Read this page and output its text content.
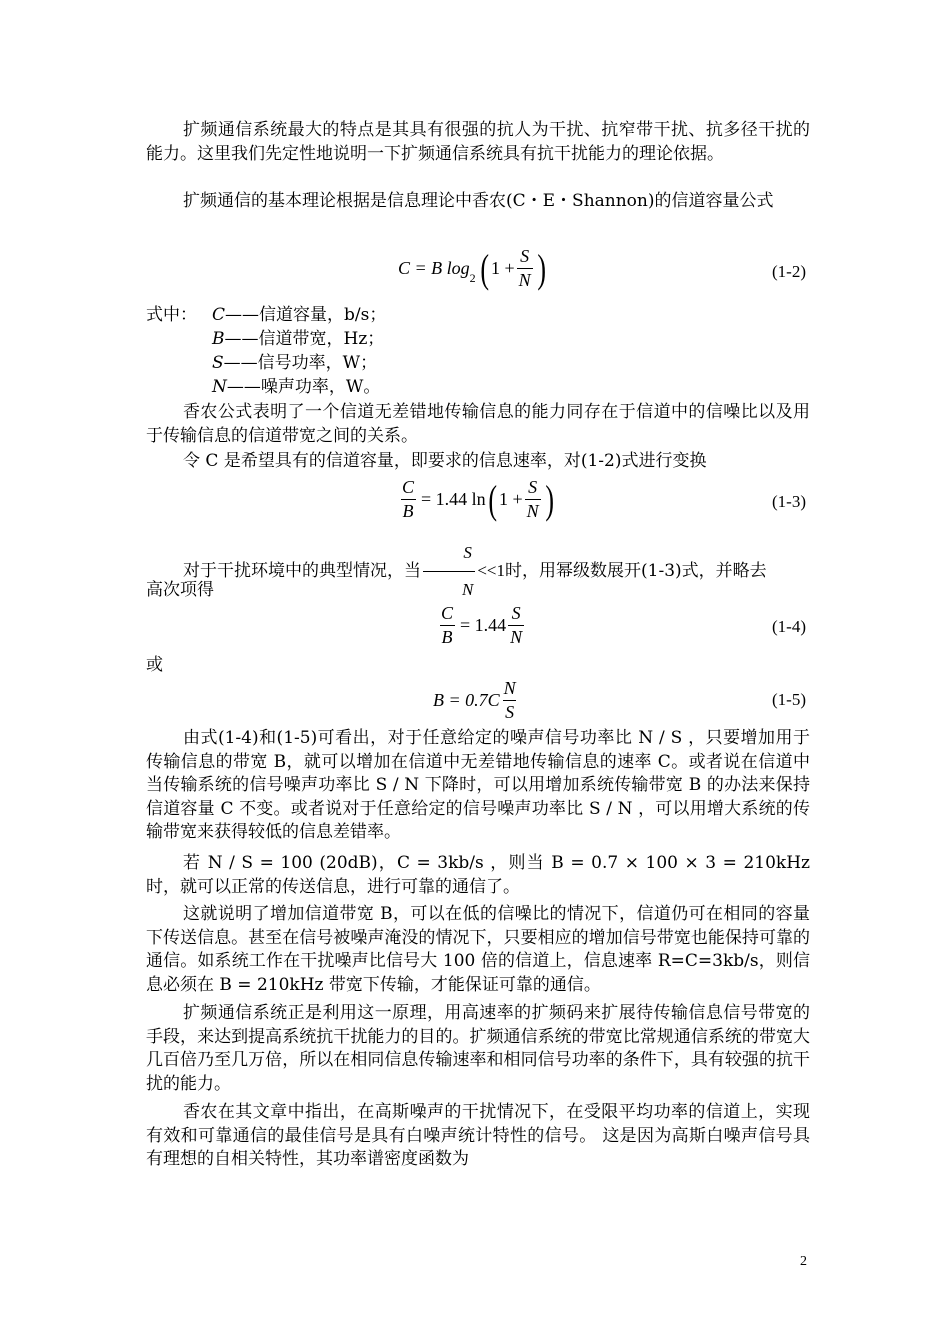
扩频通信系统最大的特点是其具有很强的抗人为干扰、抗窄带干扰、抗多径干扰的能力。这里我们先定性地说明一下扩频通信系统具有抗干扰能力的理论依据。

扩频通信的基本理论根据是信息理论中香农(C・E・Shannon)的信道容量公式

C = B log 2 ( $1 + \frac{S}{N}$ )	(1-2)
式中： C——信道容量，b/s；
B——信道带宽，Hz；
S——信号功率，W；
N——噪声功率，W。

香农公式表明了一个信道无差错地传输信息的能力同存在于信道中的信噪比以及用于传输信息的信道带宽之间的关系。

令 C 是希望具有的信道容量，即要求的信息速率，对(1-2)式进行变换

$\frac{C}{B} = 1.44$ ln ( $1 + \frac{S}{N}$ )	(1-3)
对于干扰环境中的典型情况，当 $\frac{S}{N} <<1$时，用幂级数展开(1-3)式，并略去
高次项得
$\frac{C}{B} = 1.44 \frac{S}{N}$	(1-4)
或
$B = 0.7C \frac{N}{S}$	(1-5)

由式(1-4)和(1-5)可看出，对于任意给定的噪声信号功率比 N / S ，只要增加用于传输信息的带宽 B，就可以增加在信道中无差错地传输信息的速率 C。或者说在信道中当传输系统的信号噪声功率比 S / N 下降时，可以用增加系统传输带宽 B 的办法来保持信道容量 C 不变。或者说对于任意给定的信号噪声功率比 S / N ，可以用增大系统的传输带宽来获得较低的信息差错率。

若 N / S = 100 (20dB)，C = 3kb/s ，则当 B = 0.7 × 100 × 3 = 210kHz 时，就可以正常的传送信息，进行可靠的通信了。

这就说明了增加信道带宽 B，可以在低的信噪比的情况下，信道仍可在相同的容量下传送信息。甚至在信号被噪声淹没的情况下，只要相应的增加信号带宽也能保持可靠的通信。如系统工作在干扰噪声比信号大 100 倍的信道上，信息速率 R=C=3kb/s，则信息必须在 B = 210kHz 带宽下传输，才能保证可靠的通信。

扩频通信系统正是利用这一原理，用高速率的扩频码来扩展待传输信息信号带宽的手段，来达到提高系统抗干扰能力的目的。扩频通信系统的带宽比常规通信系统的带宽大几百倍乃至几万倍，所以在相同信息传输速率和相同信号功率的条件下，具有较强的抗干扰的能力。

香农在其文章中指出，在高斯噪声的干扰情况下，在受限平均功率的信道上，实现有效和可靠通信的最佳信号是具有白噪声统计特性的信号。 这是因为高斯白噪声信号具有理想的自相关特性，其功率谱密度函数为

2
